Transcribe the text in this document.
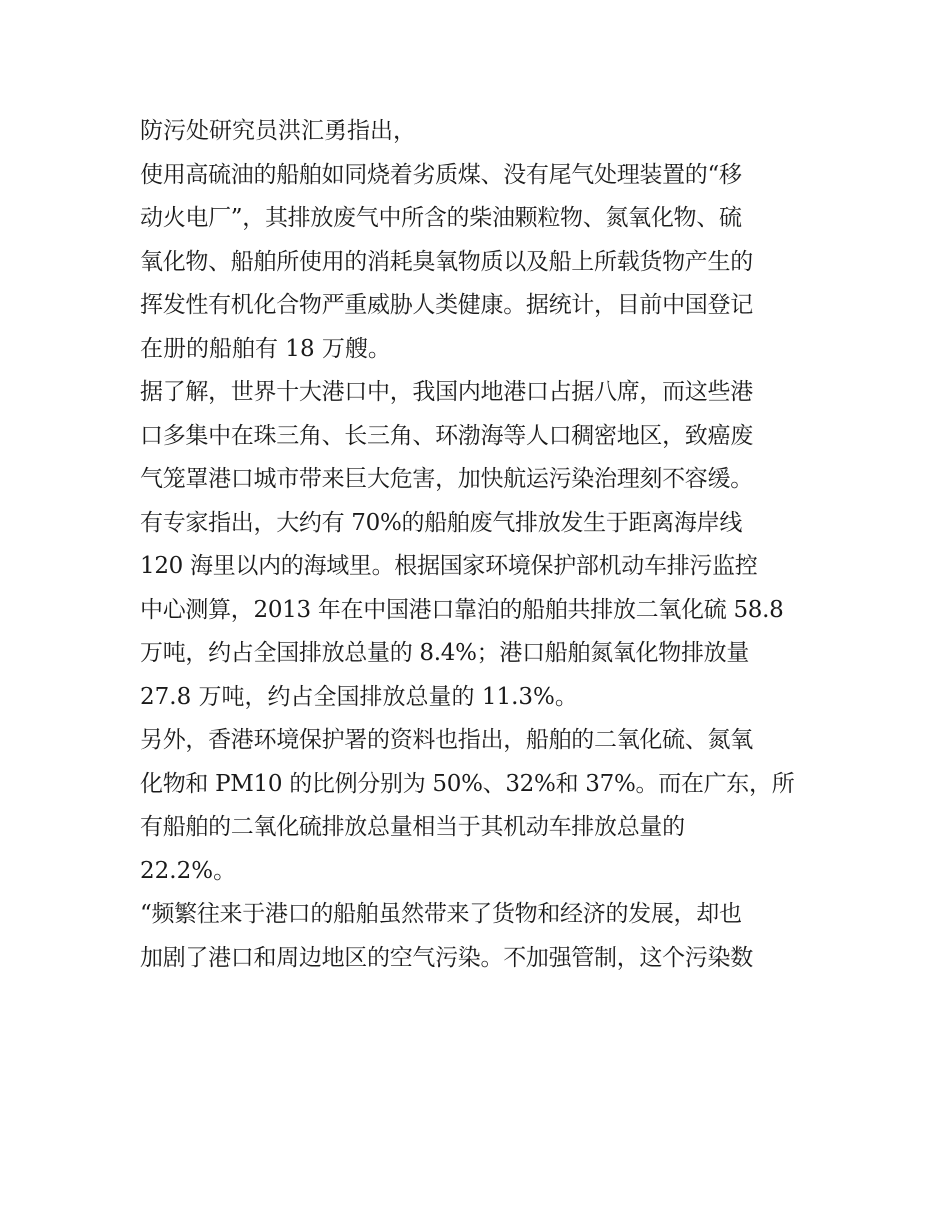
防污处研究员洪汇勇指出，
使用高硫油的船舶如同烧着劣质煤、没有尾气处理装置的“移
动火电厂”，其排放废气中所含的柴油颗粒物、氮氧化物、硫
氧化物、船舶所使用的消耗臭氧物质以及船上所载货物产生的
挥发性有机化合物严重威胁人类健康。据统计，目前中国登记
在册的船舶有 18 万艘。
据了解，世界十大港口中，我国内地港口占据八席，而这些港
口多集中在珠三角、长三角、环渤海等人口稠密地区，致癌废
气笼罩港口城市带来巨大危害，加快航运污染治理刻不容缓。
有专家指出，大约有 70%的船舶废气排放发生于距离海岸线
120 海里以内的海域里。根据国家环境保护部机动车排污监控
中心测算，2013 年在中国港口靠泊的船舶共排放二氧化硫 58.8
万吨，约占全国排放总量的 8.4%；港口船舶氮氧化物排放量
27.8 万吨，约占全国排放总量的 11.3%。
另外，香港环境保护署的资料也指出，船舶的二氧化硫、氮氧
化物和 PM10 的比例分别为 50%、32%和 37%。而在广东，所
有船舶的二氧化硫排放总量相当于其机动车排放总量的
22.2%。
“频繁往来于港口的船舶虽然带来了货物和经济的发展，却也
加剧了港口和周边地区的空气污染。不加强管制，这个污染数
